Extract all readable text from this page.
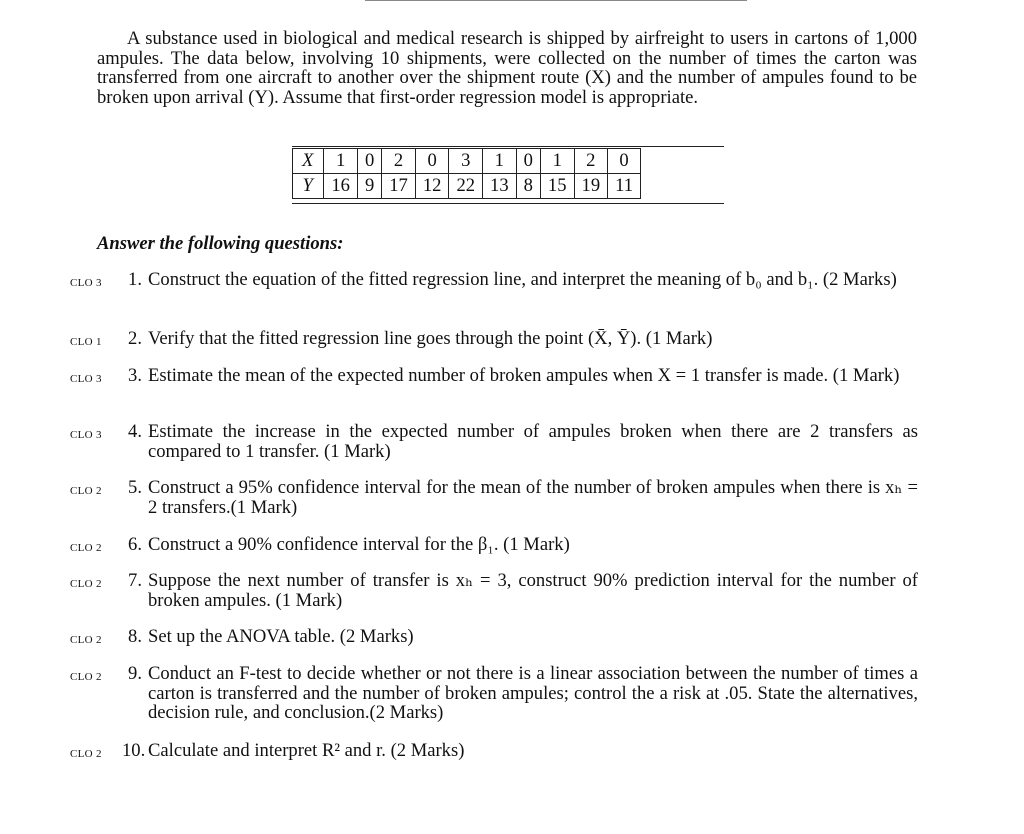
A substance used in biological and medical research is shipped by airfreight to users in cartons of 1,000 ampules. The data below, involving 10 shipments, were collected on the number of times the carton was transferred from one aircraft to another over the shipment route (X) and the number of ampules found to be broken upon arrival (Y). Assume that first-order regression model is appropriate.

X	1	0	2	0	3	1	0	1	2	0
Y	16	9	17	12	22	13	8	15	19	11
Answer the following questions:
CLO 3	1. Construct the equation of the fitted regression line, and interpret the meaning of b₀ and b₁. (2 Marks)
CLO 1	2. Verify that the fitted regression line goes through the point (X̄, Ȳ). (1 Mark)
CLO 3	3. Estimate the mean of the expected number of broken ampules when X = 1 transfer is made. (1 Mark)
CLO 3	4. Estimate the increase in the expected number of ampules broken when there are 2 transfers as compared to 1 transfer. (1 Mark)
CLO 2	5. Construct a 95% confidence interval for the mean of the number of broken ampules when there is xₕ = 2 transfers.(1 Mark)
CLO 2	6. Construct a 90% confidence interval for the β₁. (1 Mark)
CLO 2	7. Suppose the next number of transfer is xₕ = 3, construct 90% prediction interval for the number of broken ampules. (1 Mark)
CLO 2	8. Set up the ANOVA table. (2 Marks)
CLO 2	9. Conduct an F-test to decide whether or not there is a linear association between the number of times a carton is transferred and the number of broken ampules; control the a risk at .05. State the alternatives, decision rule, and conclusion.(2 Marks)
CLO 2 10. Calculate and interpret R² and r. (2 Marks)
